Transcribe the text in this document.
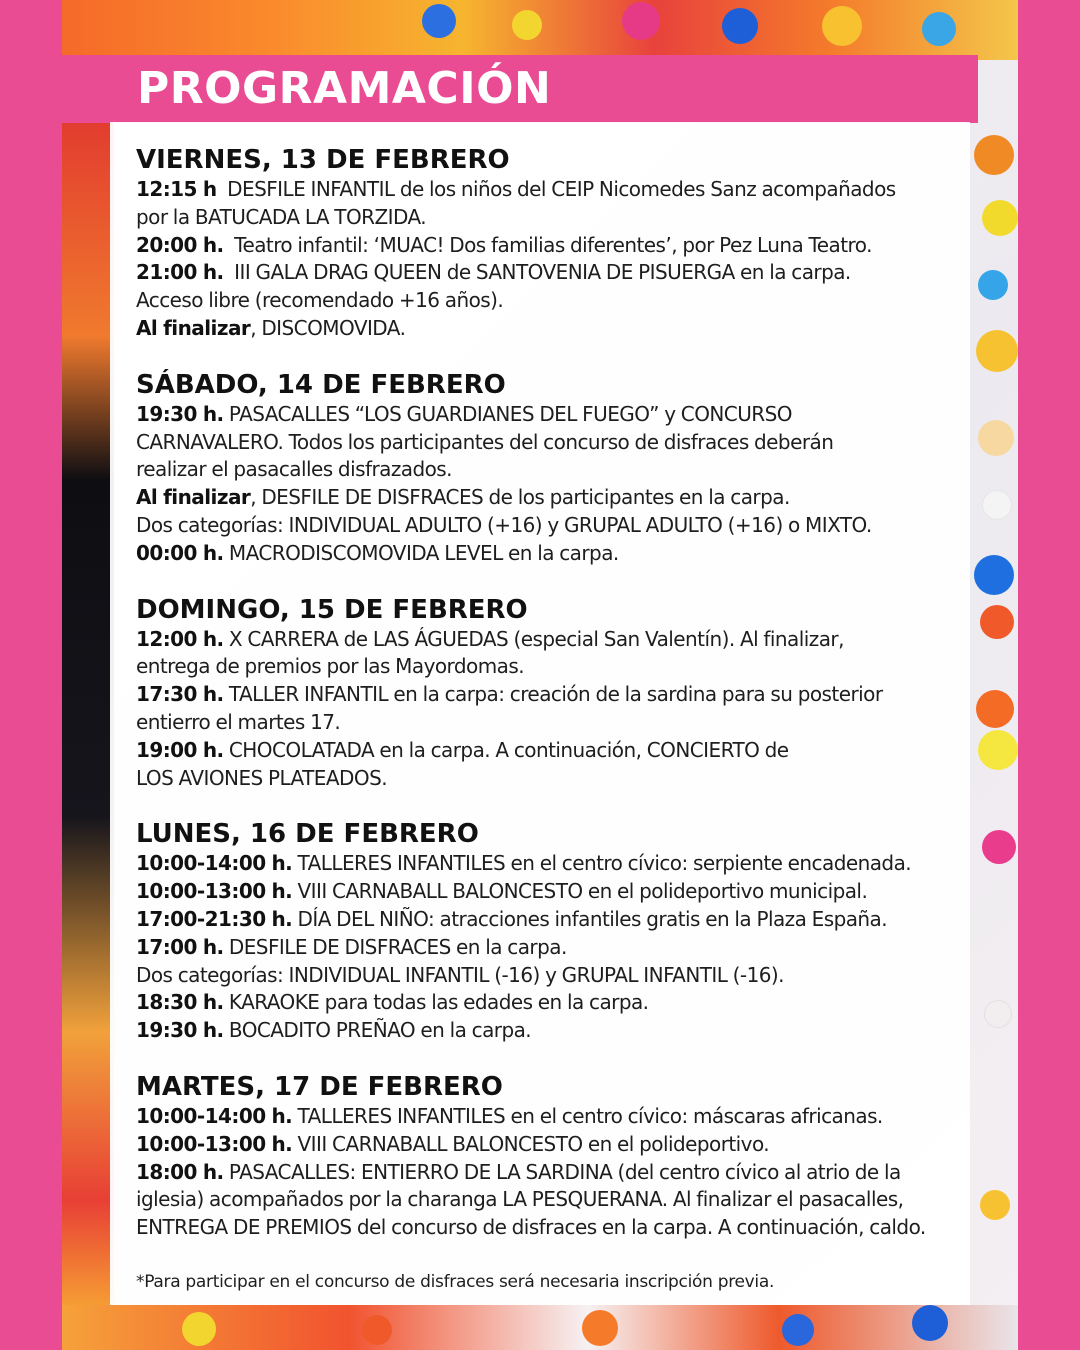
PROGRAMACIÓN
VIERNES, 13 DE FEBRERO
12:15 h  DESFILE INFANTIL de los niños del CEIP Nicomedes Sanz acompañados
por la BATUCADA LA TORZIDA.
20:00 h.  Teatro infantil: ‘MUAC! Dos familias diferentes’, por Pez Luna Teatro.
21:00 h.  III GALA DRAG QUEEN de SANTOVENIA DE PISUERGA en la carpa.
Acceso libre (recomendado +16 años).
Al finalizar, DISCOMOVIDA.
SÁBADO, 14 DE FEBRERO
19:30 h. PASACALLES “LOS GUARDIANES DEL FUEGO” y CONCURSO
CARNAVALERO. Todos los participantes del concurso de disfraces deberán
realizar el pasacalles disfrazados.
Al finalizar, DESFILE DE DISFRACES de los participantes en la carpa.
Dos categorías: INDIVIDUAL ADULTO (+16) y GRUPAL ADULTO (+16) o MIXTO.
00:00 h. MACRODISCOMOVIDA LEVEL en la carpa.
DOMINGO, 15 DE FEBRERO
12:00 h. X CARRERA de LAS ÁGUEDAS (especial San Valentín). Al finalizar,
entrega de premios por las Mayordomas.
17:30 h. TALLER INFANTIL en la carpa: creación de la sardina para su posterior
entierro el martes 17.
19:00 h. CHOCOLATADA en la carpa. A continuación, CONCIERTO de
LOS AVIONES PLATEADOS.
LUNES, 16 DE FEBRERO
10:00-14:00 h. TALLERES INFANTILES en el centro cívico: serpiente encadenada.
10:00-13:00 h. VIII CARNABALL BALONCESTO en el polideportivo municipal.
17:00-21:30 h. DÍA DEL NIÑO: atracciones infantiles gratis en la Plaza España.
17:00 h. DESFILE DE DISFRACES en la carpa.
Dos categorías: INDIVIDUAL INFANTIL (-16) y GRUPAL INFANTIL (-16).
18:30 h. KARAOKE para todas las edades en la carpa.
19:30 h. BOCADITO PREÑAO en la carpa.
MARTES, 17 DE FEBRERO
10:00-14:00 h. TALLERES INFANTILES en el centro cívico: máscaras africanas.
10:00-13:00 h. VIII CARNABALL BALONCESTO en el polideportivo.
18:00 h. PASACALLES: ENTIERRO DE LA SARDINA (del centro cívico al atrio de la
iglesia) acompañados por la charanga LA PESQUERANA. Al finalizar el pasacalles,
ENTREGA DE PREMIOS del concurso de disfraces en la carpa. A continuación, caldo.
*Para participar en el concurso de disfraces será necesaria inscripción previa.
